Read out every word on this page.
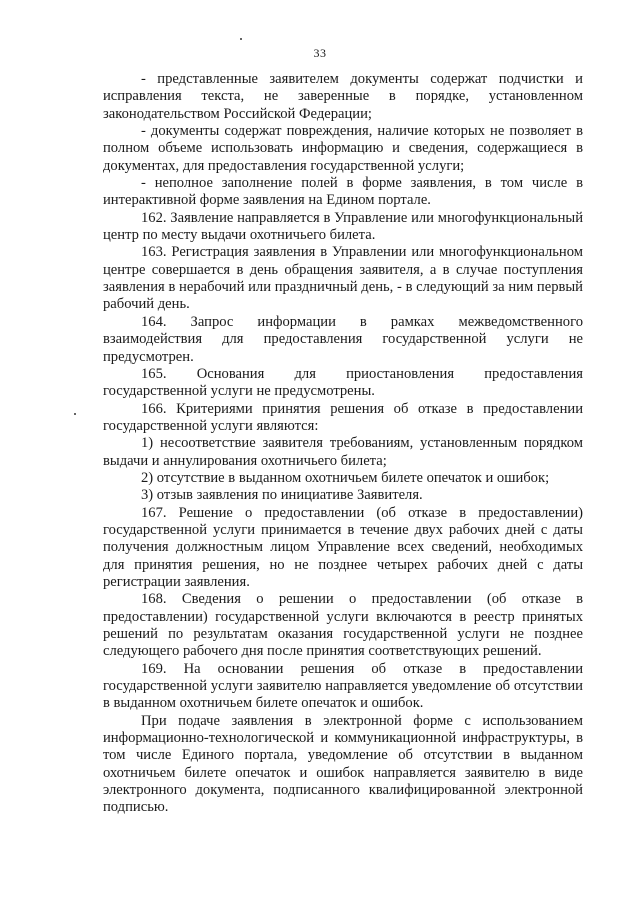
33

- представленные заявителем документы содержат подчистки и исправления текста, не заверенные в порядке, установленном законодательством Российской Федерации;

- документы содержат повреждения, наличие которых не позволяет в полном объеме использовать информацию и сведения, содержащиеся в документах, для предоставления государственной услуги;

- неполное заполнение полей в форме заявления, в том числе в интерактивной форме заявления на Едином портале.

162. Заявление направляется в Управление или многофункциональный центр по месту выдачи охотничьего билета.

163. Регистрация заявления в Управлении или многофункциональном центре совершается в день обращения заявителя, а в случае поступления заявления в нерабочий или праздничный день, - в следующий за ним первый рабочий день.

164. Запрос информации в рамках межведомственного взаимодействия для предоставления государственной услуги не предусмотрен.

165. Основания для приостановления предоставления государственной услуги не предусмотрены.

166. Критериями принятия решения об отказе в предоставлении государственной услуги являются:

1) несоответствие заявителя требованиям, установленным порядком выдачи и аннулирования охотничьего билета;

2) отсутствие в выданном охотничьем билете опечаток и ошибок;

3) отзыв заявления по инициативе Заявителя.

167. Решение о предоставлении (об отказе в предоставлении) государственной услуги принимается в течение двух рабочих дней с даты получения должностным лицом Управление всех сведений, необходимых для принятия решения, но не позднее четырех рабочих дней с даты регистрации заявления.

168. Сведения о решении о предоставлении (об отказе в предоставлении) государственной услуги включаются в реестр принятых решений по результатам оказания государственной услуги не позднее следующего рабочего дня после принятия соответствующих решений.

169. На основании решения об отказе в предоставлении государственной услуги заявителю направляется уведомление об отсутствии в выданном охотничьем билете опечаток и ошибок.

При подаче заявления в электронной форме с использованием информационно-технологической и коммуникационной инфраструктуры, в том числе Единого портала, уведомление об отсутствии в выданном охотничьем билете опечаток и ошибок направляется заявителю в виде электронного документа, подписанного квалифицированной электронной подписью.
